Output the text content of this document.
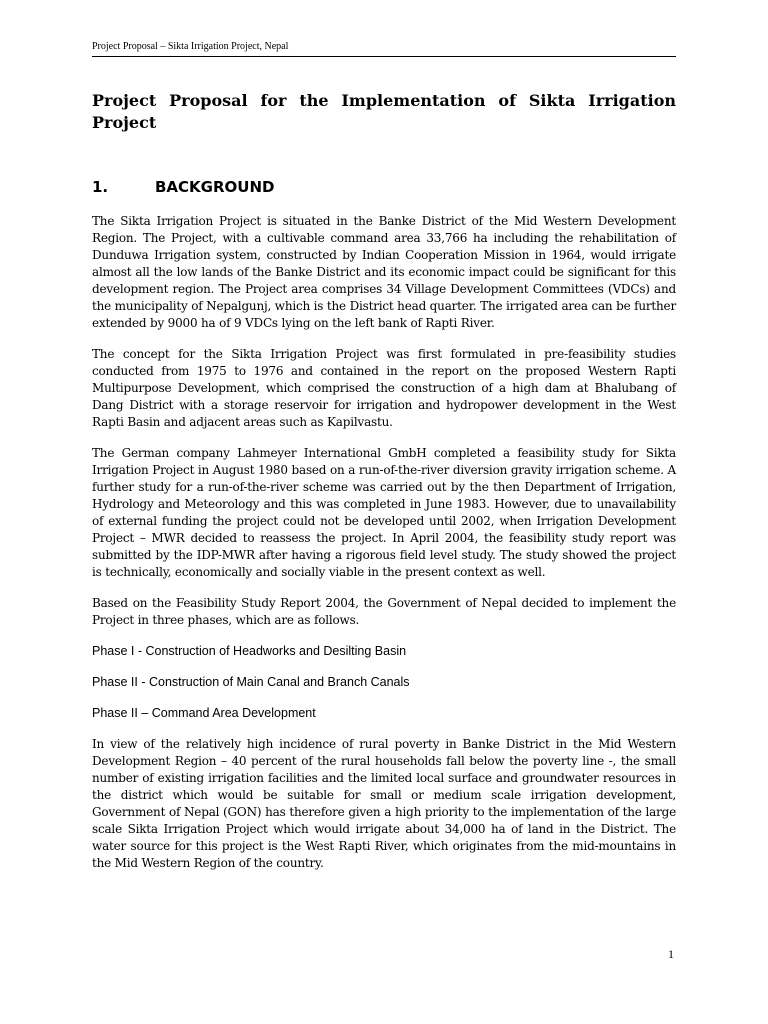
Project Proposal – Sikta Irrigation Project, Nepal
Project Proposal for the Implementation of Sikta Irrigation Project
1.	BACKGROUND

The Sikta Irrigation Project is situated in the Banke District of the Mid Western Development Region. The Project, with a cultivable command area 33,766 ha including the rehabilitation of Dunduwa Irrigation system, constructed by Indian Cooperation Mission in 1964, would irrigate almost all the low lands of the Banke District and its economic impact could be significant for this development region. The Project area comprises 34 Village Development Committees (VDCs) and the municipality of Nepalgunj, which is the District head quarter. The irrigated area can be further extended by 9000 ha of 9 VDCs lying on the left bank of Rapti River.

The concept for the Sikta Irrigation Project was first formulated in pre-feasibility studies conducted from 1975 to 1976 and contained in the report on the proposed Western Rapti Multipurpose Development, which comprised the construction of a high dam at Bhalubang of Dang District with a storage reservoir for irrigation and hydropower development in the West Rapti Basin and adjacent areas such as Kapilvastu.

The German company Lahmeyer International GmbH completed a feasibility study for Sikta Irrigation Project in August 1980 based on a run-of-the-river diversion gravity irrigation scheme. A further study for a run-of-the-river scheme was carried out by the then Department of Irrigation, Hydrology and Meteorology and this was completed in June 1983. However, due to unavailability of external funding the project could not be developed until 2002, when Irrigation Development Project – MWR decided to reassess the project. In April 2004, the feasibility study report was submitted by the IDP-MWR after having a rigorous field level study. The study showed the project is technically, economically and socially viable in the present context as well.

Based on the Feasibility Study Report 2004, the Government of Nepal decided to implement the Project in three phases, which are as follows.

Phase I - Construction of Headworks and Desilting Basin

Phase II - Construction of Main Canal and Branch Canals

Phase II – Command Area Development

In view of the relatively high incidence of rural poverty in Banke District in the Mid Western Development Region – 40 percent of the rural households fall below the poverty line -, the small number of existing irrigation facilities and the limited local surface and groundwater resources in the district which would be suitable for small or medium scale irrigation development, Government of Nepal (GON) has therefore given a high priority to the implementation of the large scale Sikta Irrigation Project which would irrigate about 34,000 ha of land in the District. The water source for this project is the West Rapti River, which originates from the mid-mountains in the Mid Western Region of the country.

1
